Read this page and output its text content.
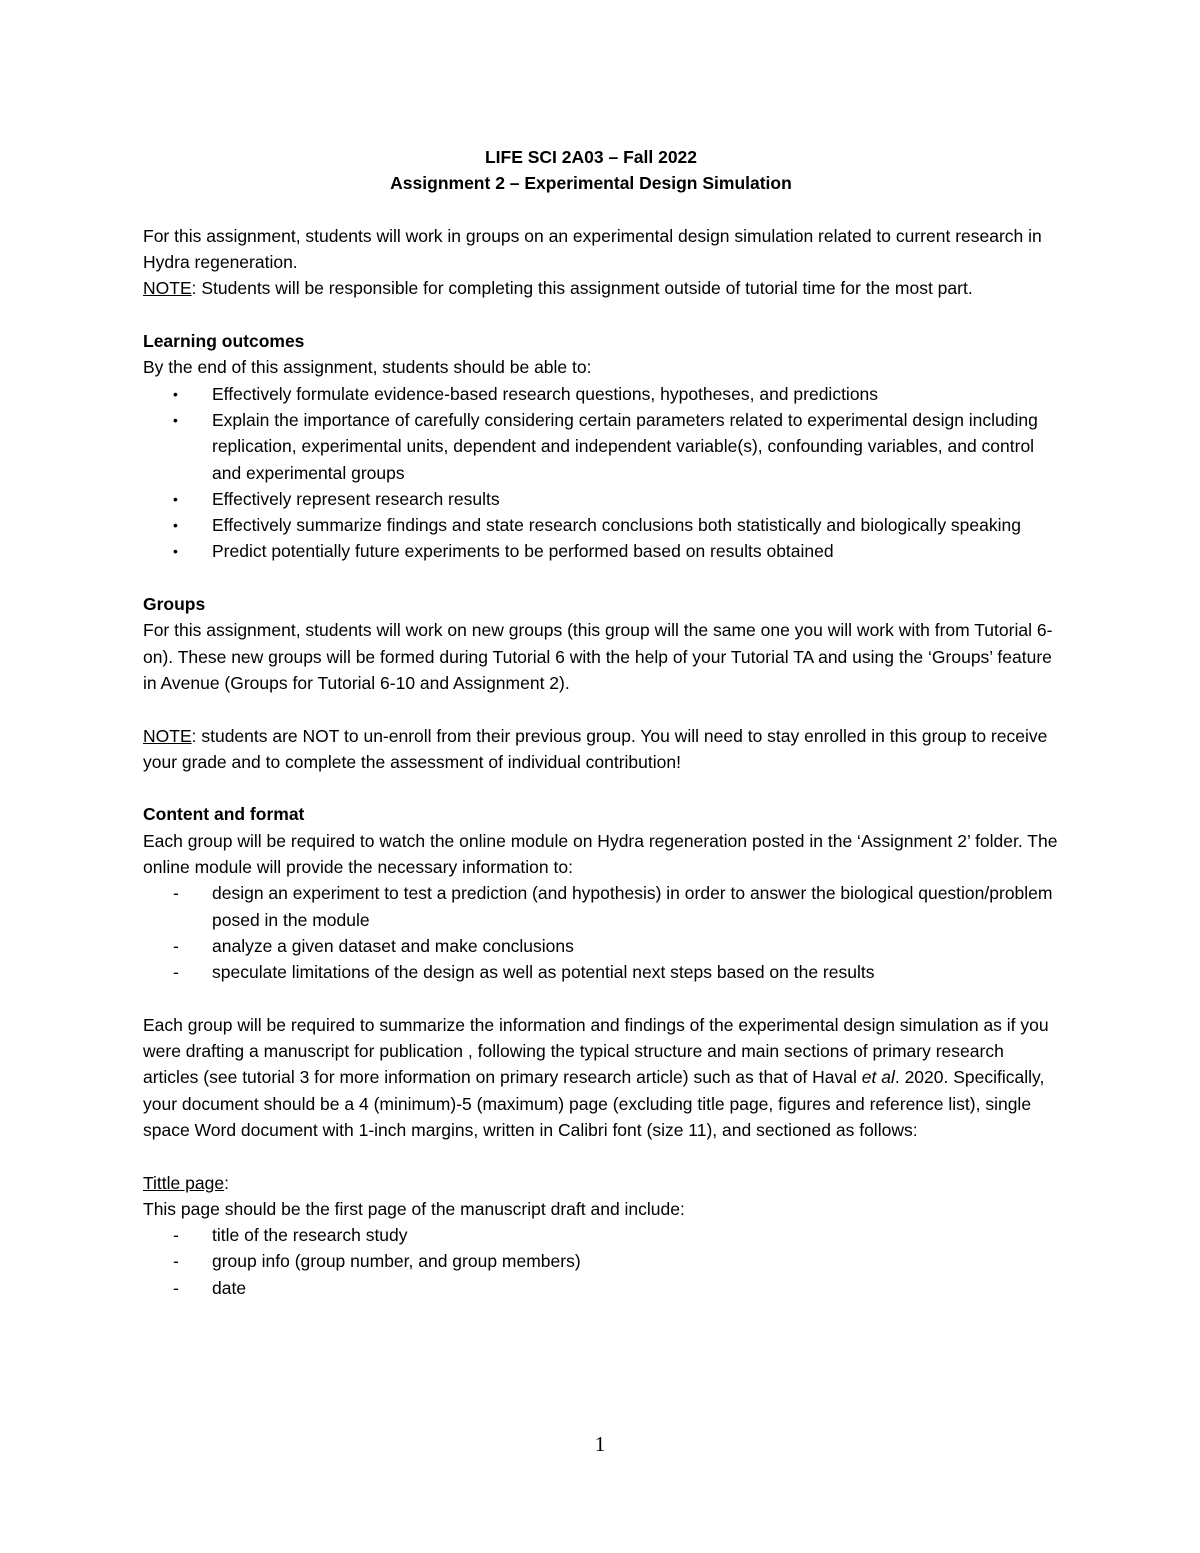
LIFE SCI 2A03 – Fall 2022

Assignment 2 – Experimental Design Simulation

For this assignment, students will work in groups on an experimental design simulation related to current research in Hydra regeneration.

NOTE: Students will be responsible for completing this assignment outside of tutorial time for the most part.

Learning outcomes

By the end of this assignment, students should be able to:

•	Effectively formulate evidence-based research questions, hypotheses, and predictions
•	Explain the importance of carefully considering certain parameters related to experimental design including replication, experimental units, dependent and independent variable(s), confounding variables, and control and experimental groups
•	Effectively represent research results
•	Effectively summarize findings and state research conclusions both statistically and biologically speaking
•	Predict potentially future experiments to be performed based on results obtained

Groups

For this assignment, students will work on new groups (this group will the same one you will work with from Tutorial 6- on). These new groups will be formed during Tutorial 6 with the help of your Tutorial TA and using the ‘Groups’ feature in Avenue (Groups for Tutorial 6-10 and Assignment 2).

NOTE: students are NOT to un-enroll from their previous group. You will need to stay enrolled in this group to receive your grade and to complete the assessment of individual contribution!

Content and format

Each group will be required to watch the online module on Hydra regeneration posted in the ‘Assignment 2’ folder. The online module will provide the necessary information to:

-	design an experiment to test a prediction (and hypothesis) in order to answer the biological question/problem posed in the module
-	analyze a given dataset and make conclusions
-	speculate limitations of the design as well as potential next steps based on the results

Each group will be required to summarize the information and findings of the experimental design simulation as if you were drafting a manuscript for publication , following the typical structure and main sections of primary research articles (see tutorial 3 for more information on primary research article) such as that of Haval et al. 2020. Specifically, your document should be a 4 (minimum)-5 (maximum) page (excluding title page, figures and reference list), single space Word document with 1-inch margins, written in Calibri font (size 11), and sectioned as follows:

Tittle page:

This page should be the first page of the manuscript draft and include:

-	title of the research study
-	group info (group number, and group members)
-	date
1
